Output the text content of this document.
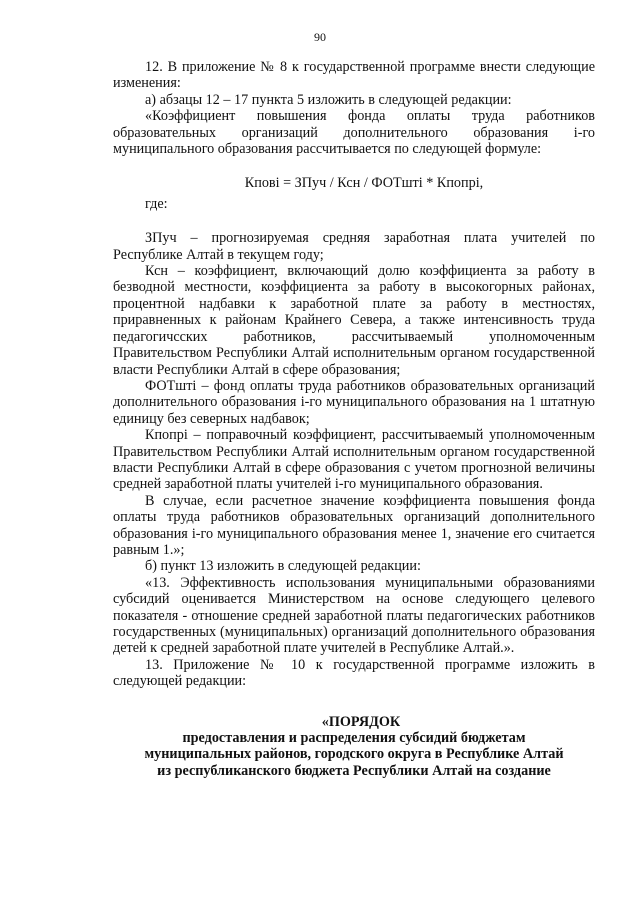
90

12. В приложение № 8 к государственной программе внести следующие изменения:

а) абзацы 12 – 17 пункта 5 изложить в следующей редакции:

«Коэффициент повышения фонда оплаты труда работников образовательных организаций дополнительного образования i-го муниципального образования рассчитывается по следующей формуле:

Кповi = ЗПуч / Ксн / ФОТштi * Кпопрi,

где:

ЗПуч – прогнозируемая средняя заработная плата учителей по Республике Алтай в текущем году;

Ксн – коэффициент, включающий долю коэффициента за работу в безводной местности, коэффициента за работу в высокогорных районах, процентной надбавки к заработной плате за работу в местностях, приравненных к районам Крайнего Севера, а также интенсивность труда педагогичсских работников, рассчитываемый уполномоченным Правительством Республики Алтай исполнительным органом государственной власти Республики Алтай в сфере образования;

ФОТштi – фонд оплаты труда работников образовательных организаций дополнительного образования i-го муниципального образования на 1 штатную единицу без северных надбавок;

Кпопрi – поправочный коэффициент, рассчитываемый уполномоченным Правительством Республики Алтай исполнительным органом государственной власти Республики Алтай в сфере образования с учетом прогнозной величины средней заработной платы учителей i-го муниципального образования.

В случае, если расчетное значение коэффициента повышения фонда оплаты труда работников образовательных организаций дополнительного образования i-го муниципального образования менее 1, значение его считается равным 1.»;

б) пункт 13 изложить в следующей редакции:

«13. Эффективность использования муниципальными образованиями субсидий оценивается Министерством на основе следующего целевого показателя - отношение средней заработной платы педагогических работников государственных (муниципальных) организаций дополнительного образования детей к средней заработной плате учителей в Республике Алтай.».

13. Приложение № 10 к государственной программе изложить в следующей редакции:

«ПОРЯДОК

предоставления и распределения субсидий бюджетам

муниципальных районов, городского округа в Республике Алтай

из республиканского бюджета Республики Алтай на создание
